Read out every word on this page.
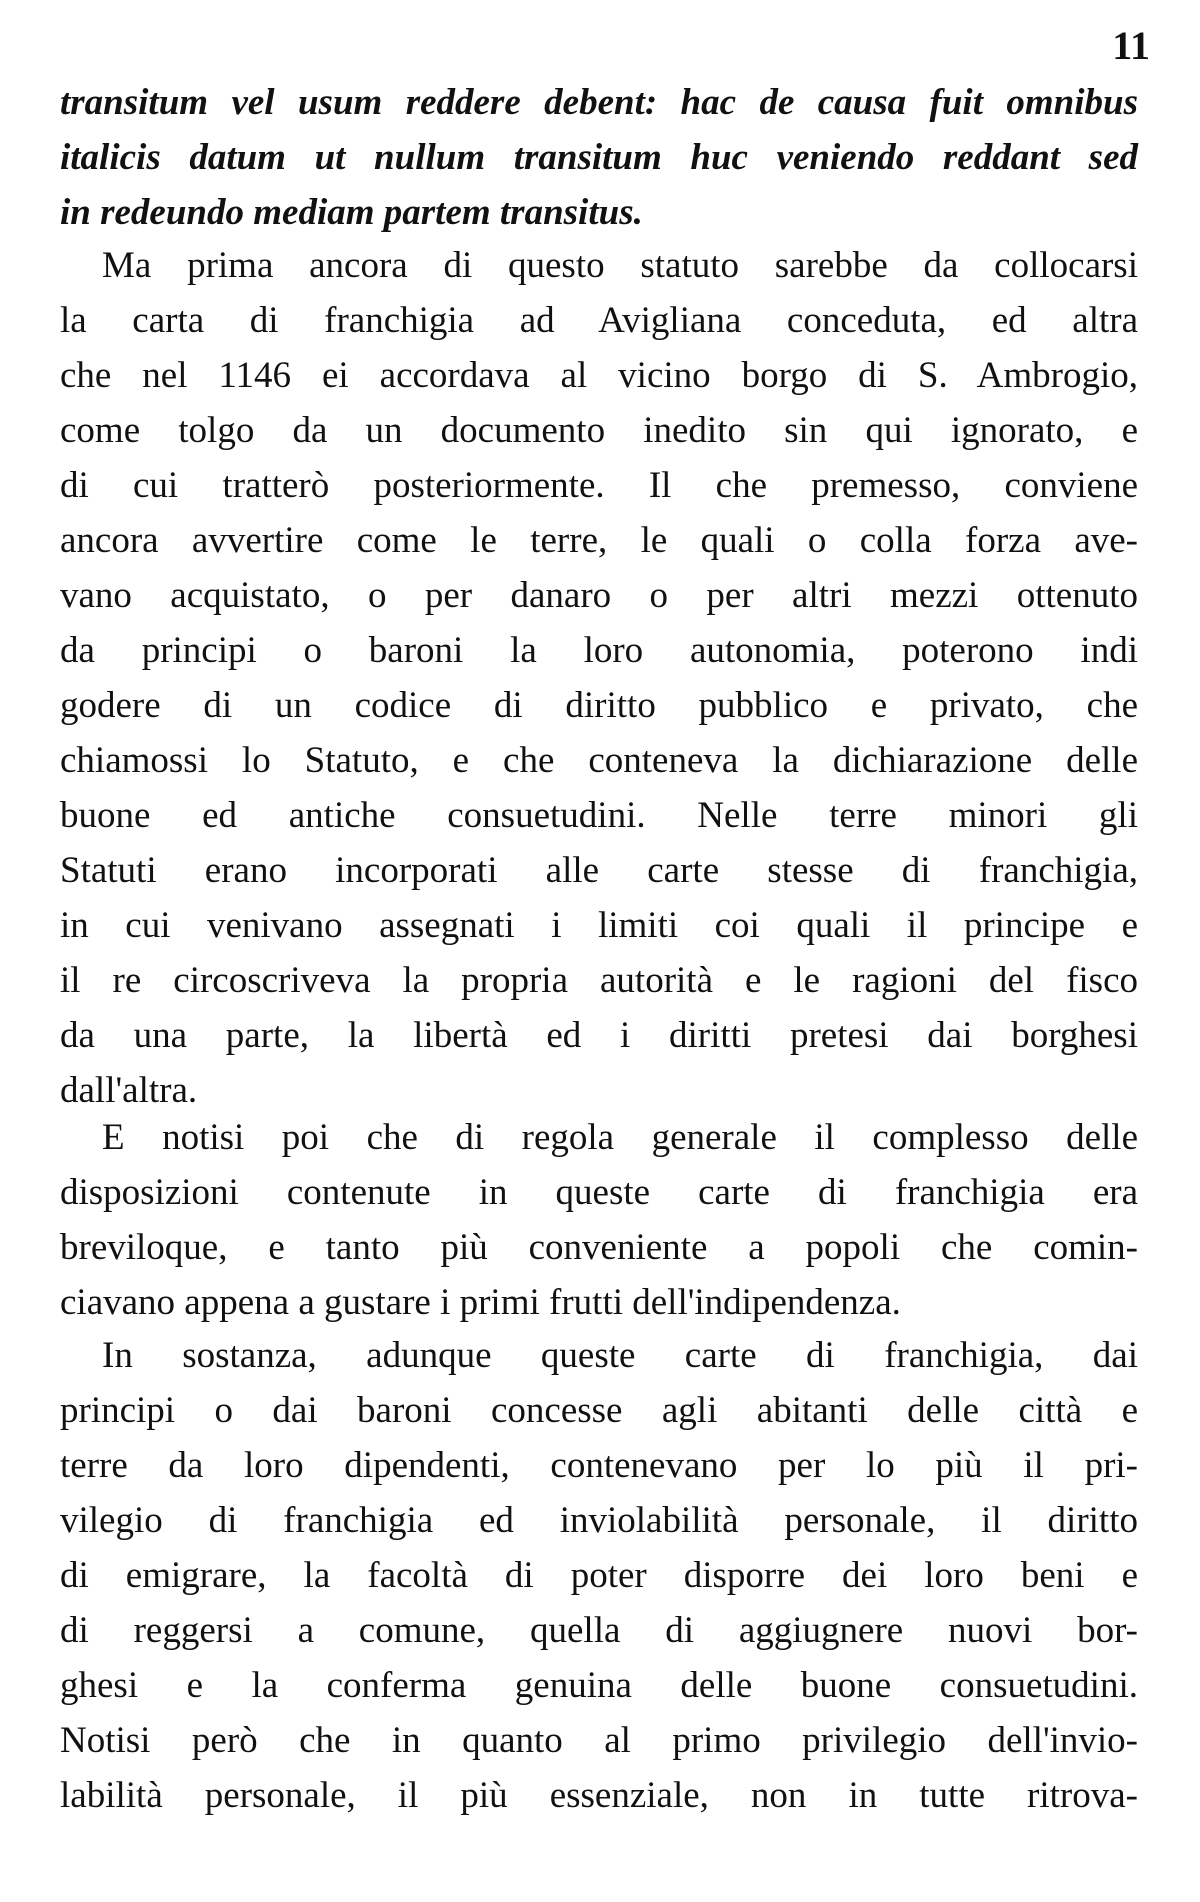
11
transitum vel usum reddere debent: hac de causa fuit omnibus
italicis datum ut nullum transitum huc veniendo reddant sed
in redeundo mediam partem transitus.
Ma prima ancora di questo statuto sarebbe da collocarsi
la carta di franchigia ad Avigliana conceduta, ed altra
che nel 1146 ei accordava al vicino borgo di S. Ambrogio,
come tolgo da un documento inedito sin qui ignorato, e
di cui tratterò posteriormente. Il che premesso, conviene
ancora avvertire come le terre, le quali o colla forza ave-
vano acquistato, o per danaro o per altri mezzi ottenuto
da principi o baroni la loro autonomia, poterono indi
godere di un codice di diritto pubblico e privato, che
chiamossi lo Statuto, e che conteneva la dichiarazione delle
buone ed antiche consuetudini. Nelle terre minori gli
Statuti erano incorporati alle carte stesse di franchigia,
in cui venivano assegnati i limiti coi quali il principe e
il re circoscriveva la propria autorità e le ragioni del fisco
da una parte, la libertà ed i diritti pretesi dai borghesi
dall'altra.
E notisi poi che di regola generale il complesso delle
disposizioni contenute in queste carte di franchigia era
breviloque, e tanto più conveniente a popoli che comin-
ciavano appena a gustare i primi frutti dell'indipendenza.
In sostanza, adunque queste carte di franchigia, dai
principi o dai baroni concesse agli abitanti delle città e
terre da loro dipendenti, contenevano per lo più il pri-
vilegio di franchigia ed inviolabilità personale, il diritto
di emigrare, la facoltà di poter disporre dei loro beni e
di reggersi a comune, quella di aggiugnere nuovi bor-
ghesi e la conferma genuina delle buone consuetudini.
Notisi però che in quanto al primo privilegio dell'invio-
labilità personale, il più essenziale, non in tutte ritrova-
